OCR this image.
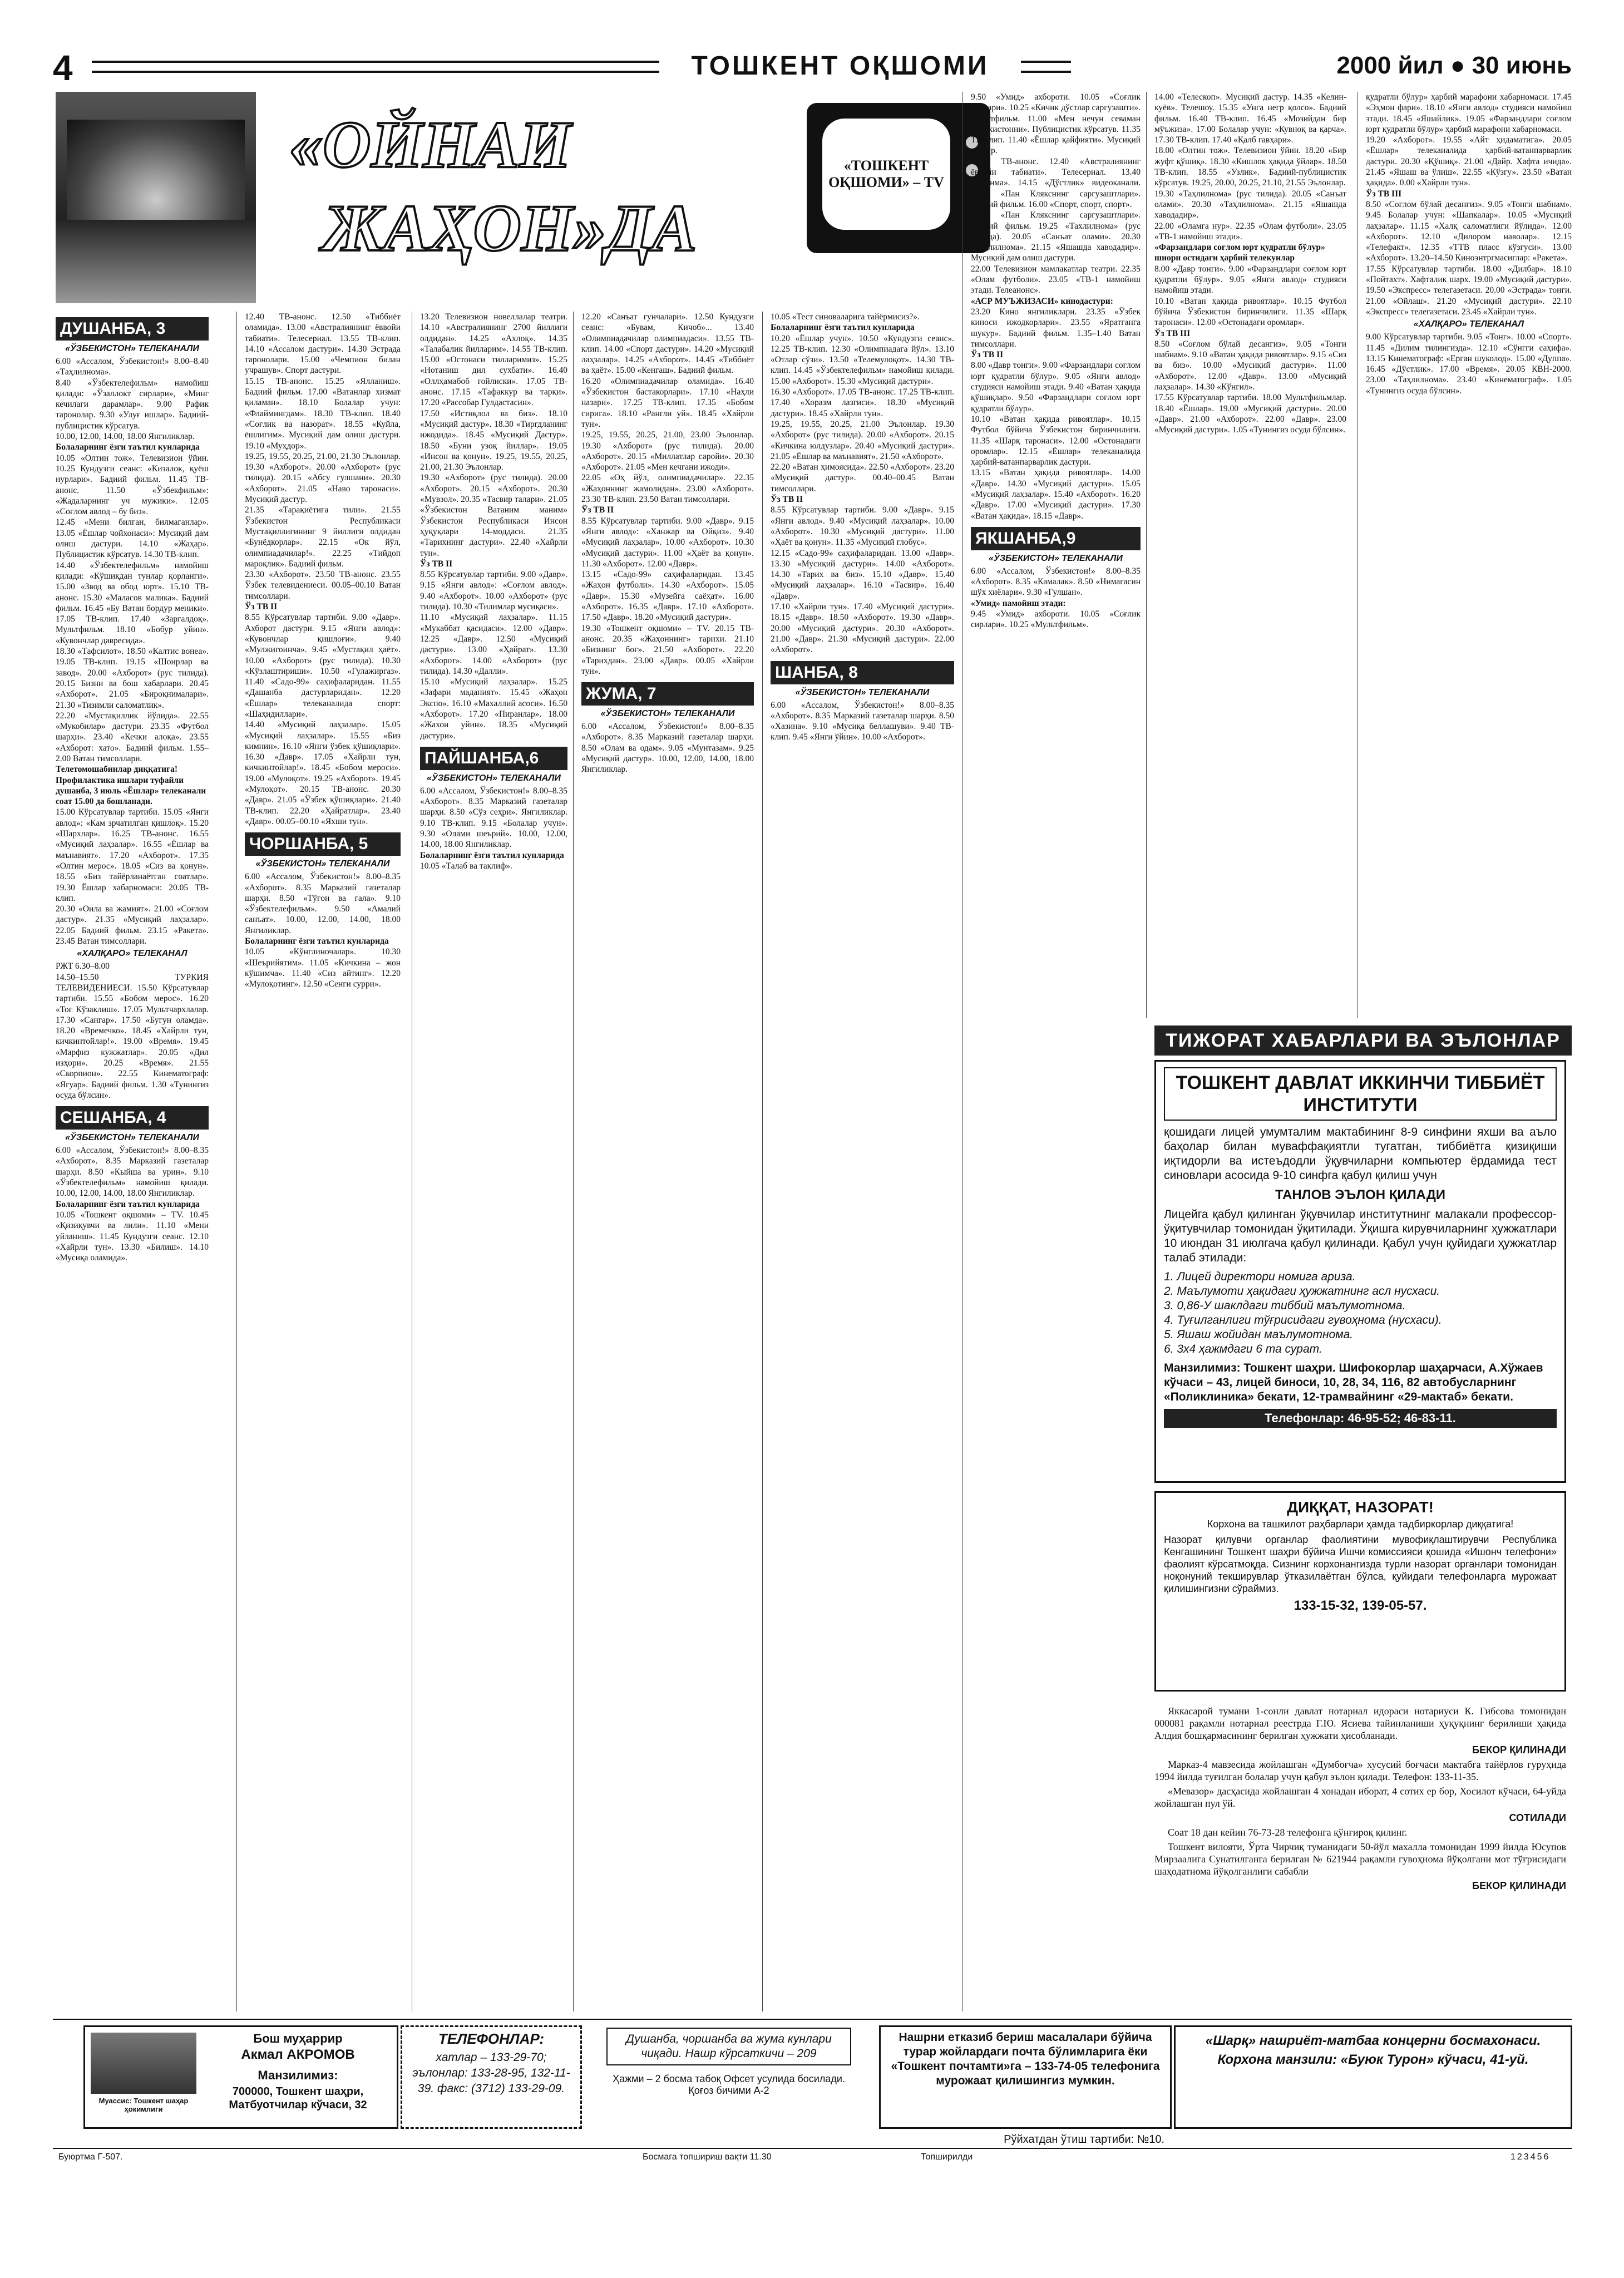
4	ТОШКЕНТ ОҚШОМИ	2000 йил ● 30 июнь
«ОЙНАИ
ЖАҲОН»ДА
«ТОШКЕНТ ОҚШОМИ» – TV
ДУШАНБА, 3
«ЎЗБЕКИСТОН» ТЕЛЕКАНАЛИ

6.00 «Ассалом, Ўзбекистон!» 8.00–8.40 «Таҳлилнома».

8.40 «Ўзбектелефильм» намойиш қилади: «Ўзаллокт сирлари», «Минг кечилаги дарамлар». 9.00 Рафик таронолар. 9.30 «Улуғ ишлар». Бадиий-публицистик кўрсатув.

10.00, 12.00, 14.00, 18.00 Янгиликлар.

Болаларнинг ёзги таътил кунларида

10.05 «Олтин тож». Телевизион ўйин. 10.25 Кундузги сеанс: «Кизалок, қуёш нурлари». Бадиий фильм. 11.45 ТВ-анонс. 11.50 «Ўзбекфильм»: «Жадаларнинг уч мужики». 12.05 «Соғлом авлод – бу биз».

12.45 «Мени билган, билмаганлар». 13.05 «Ёшлар чойхонаси»: Мусиқий дам олиш дастури. 14.10 «Жаҳар». Публицистик кўрсатув. 14.30 ТВ-клип.

14.40 «Ўзбектелефильм» намойиш қилади: «Кўшиқдан тунлар қорланги». 15.00 «Звод ва обод юрт». 15.10 ТВ-анонс. 15.30 «Маласов малика». Бадиий фильм. 16.45 «Бу Ватан бордур меники». 17.05 ТВ-клип. 17.40 «Заргалдоқ». Мультфильм. 18.10 «Бобур уйин». «Кувончлар давресида».

18.30 «Тафсилот». 18.50 «Калтис вонеа». 19.05 ТВ-клип. 19.15 «Шоирлар ва завод». 20.00 «Ахборот» (рус тилида). 20.15 Бизни ва бош хабарлари. 20.45 «Ахборот». 21.05 «Бироқнималари». 21.30 «Тизимли саломатлик».

22.20 «Мустақиллик йўлида». 22.55 «Мукобилар» дастури. 23.35 «Футбол шарҳи». 23.40 «Кечки алоқа». 23.55 «Ахборот: хато». Бадиий фильм. 1.55–2.00 Ватан тимсоллари.

Телетомошабинлар диққатига! Профилактика ишлари туфайли душанба, 3 июль «Ёшлар» телеканали соат 15.00 да бошланади.

15.00 Кўрсатувлар тартиби. 15.05 «Янги авлод»: «Кам зрчатилган қишлоқ». 15.20 «Шархлар». 16.25 ТВ-анонс. 16.55 «Мусиқий лаҳзалар». 16.55 «Ёшлар ва маънавият». 17.20 «Ахборот». 17.35 «Олтин мерос». 18.05 «Сиз ва қонун». 18.55 «Биз тайёрланаётган соатлар». 19.30 Ёшлар хабарномаси: 20.05 ТВ-клип.

20.30 «Оила ва жамият». 21.00 «Соғлом дастур». 21.35 «Мусиқий лаҳзалар». 22.05 Бадиий фильм. 23.15 «Ракета». 23.45 Ватан тимсоллари.

«ХАЛҚАРО» ТЕЛЕКАНАЛ

РЖТ 6.30–8.00

14.50–15.50 ТУРКИЯ ТЕЛЕВИДЕНИЕСИ. 15.50 Кўрсатувлар тартиби. 15.55 «Бобом мерос». 16.20 «Тоғ Кўзаклиш». 17.05 Мультчархлалар. 17.30 «Сангар». 17.50 «Бугун оламда». 18.20 «Времечко». 18.45 «Хайрли тун, кичкинтойлар!». 19.00 «Время». 19.45 «Марфиз кужжатлар». 20.05 «Дил изҳори». 20.25 «Время». 21.55 «Скорпион». 22.55 Кинематограф: «Ягуар». Бадиий фильм. 1.30 «Тунингиз осуда бўлсин».

СЕШАНБА, 4
«ЎЗБЕКИСТОН» ТЕЛЕКАНАЛИ

6.00 «Ассалом, Ўзбекистон!» 8.00–8.35 «Ахборот». 8.35 Марказий газеталар шарҳи. 8.50 «Кыйша ва урин». 9.10 «Ўзбектелефильм» намойиш қилади. 10.00, 12.00, 14.00, 18.00 Янгиликлар.

Болаларнинг ёзги таътил кунларида

10.05 «Тошкент оқшоми» – TV. 10.45 «Қизиқувчи ва лили». 11.10 «Мени уйланиш». 11.45 Кундузги сеанс. 12.10 «Хайрли тун». 13.30 «Билиш». 14.10 «Мусиқа оламида».

12.40 ТВ-анонс. 12.50 «Тиббиёт оламида». 13.00 «Австралиянинг ёввойи табиати». Телесериал. 13.55 ТВ-клип. 14.10 «Ассалом дастури». 14.30 Эстрада таронолари. 15.00 «Чемпион билан учрашув». Спорт дастури.

15.15 ТВ-анонс. 15.25 «Ялланиш». Бадиий фильм. 17.00 «Ватанлар хизмат қиламан». 18.10 Болалар учун: «Флаймингдам». 18.30 ТВ-клип. 18.40 «Соғлик ва назорат». 18.55 «Куйла, ёшлигим». Мусиқий дам олиш дастури. 19.10 «Муҳдор».

19.25, 19.55, 20.25, 21.00, 21.30 Эълонлар. 19.30 «Ахборот». 20.00 «Ахборот» (рус тилида). 20.15 «Абсу гулшани». 20.30 «Ахборот». 21.05 «Наво таронаси». Мусиқий дастур.

21.35 «Тарақиётига тили». 21.55 Ўзбекистон Республикаси Мустақиллигининг 9 йиллиги олдидан «Бунёдкорлар». 22.15 «Ок йўл, олимпиадачилар!». 22.25 «Тийдоп мароқлик». Бадиий фильм.

23.30 «Ахборот». 23.50 ТВ-анонс. 23.55 Ўзбек телевидениеси. 00.05–00.10 Ватан тимсоллари.

Ўз ТВ II

8.55 Кўрсатувлар тартиби. 9.00 «Давр». Ахборот дастури. 9.15 «Янги авлод»: «Кувончлар қишлоғи». 9.40 «Мулжигоинча». 9.45 «Мустақил ҳаёт». 10.00 «Ахборот» (рус тилида). 10.30 «Кўзлаштириши». 10.50 «Гулажиргаз». 11.40 «Садо-99» саҳифаларидан. 11.55 «Дашанба дастурларидан». 12.20 «Ёшлар» телеканалида спорт: «Шаҳидиллари».

14.40 «Мусиқий лаҳзалар». 15.05 «Мусиқий лаҳзалар». 15.55 «Биз кимнин». 16.10 «Янги ўзбек қўшиқлари». 16.30 «Давр». 17.05 «Хайрли тун, кичкинтойлар!». 18.45 «Бобом мероси». 19.00 «Мулоқот». 19.25 «Ахборот». 19.45 «Мулоқот». 20.15 ТВ-анонс. 20.30 «Давр». 21.05 «Ўзбек қўшиқлари». 21.40 ТВ-клип. 22.20 «Ҳайратлар». 23.40 «Давр». 00.05–00.10 «Яхши тун».

ЧОРШАНБА, 5
«ЎЗБЕКИСТОН» ТЕЛЕКАНАЛИ

6.00 «Ассалом, Ўзбекистон!» 8.00–8.35 «Ахборот». 8.35 Марказий газеталар шарҳи. 8.50 «Тўғон ва гала». 9.10 «Ўзбектелефильм». 9.50 «Амалий санъат». 10.00, 12.00, 14.00, 18.00 Янгиликлар.

Болаларнинг ёзги таътил кунларида

10.05 «Кўнглиночалар». 10.30 «Шеърийятим». 11.05 «Кичкина – жон кўшимча». 11.40 «Сиз айтинг». 12.20 «Мулоқотинг». 12.50 «Сенги сурри».

13.20 Телевизион новеллалар театри. 14.10 «Австралиянинг 2700 йиллиги олдидан». 14.25 «Ахлоқ». 14.35 «Талабалик йилларим». 14.55 ТВ-клип. 15.00 «Остонаси тилларимиз». 15.25 «Нотаниш дил сухбати». 16.40 «Оллҳамабоб гойлиски». 17.05 ТВ-анонс. 17.15 «Тафаккур ва тарқи». 17.20 «Рассобар Гулдастасин».

17.50 «Истиқлол ва биз». 18.10 «Мусиқий дастур». 18.30 «Тиргдланинг ижодида». 18.45 «Мусиқий Дастур». 18.50 «Буни узоқ йиллар». 19.05 «Инсон ва қонун». 19.25, 19.55, 20.25, 21.00, 21.30 Эълонлар.

19.30 «Ахборот» (рус тилида). 20.00 «Ахборот». 20.15 «Ахборот». 20.30 «Мувзол». 20.35 «Тасвир талари». 21.05 «Ўзбекистон Ватаним маним» Ўзбекистон Республикаси Инсон ҳуқуқлари 14-моддаси. 21.35 «Тарихнинг дастури». 22.40 «Хайрли тун».

Ўз ТВ II

8.55 Кўрсатувлар тартиби. 9.00 «Давр». 9.15 «Янги авлод»: «Соғлом авлод». 9.40 «Ахборот». 10.00 «Ахборот» (рус тилида). 10.30 «Тилимлар мусиқаси».

11.10 «Мусиқий лаҳзалар». 11.15 «Мукаббат қасидаси». 12.00 «Давр». 12.25 «Давр». 12.50 «Мусиқий дастури». 13.00 «Ҳайрат». 13.30 «Ахборот». 14.00 «Ахборот» (рус тилида). 14.30 «Далли».

15.10 «Мусиқий лаҳзалар». 15.25 «Зафари маданият». 15.45 «Жаҳон Экспо». 16.10 «Махаллий асоси». 16.50 «Ахборот». 17.20 «Пиранлар». 18.00 «Жахон уйин». 18.35 «Мусиқий дастури».

ПАЙШАНБА,6
«ЎЗБЕКИСТОН» ТЕЛЕКАНАЛИ

6.00 «Ассалом, Ўзбекистон!» 8.00–8.35 «Ахборот». 8.35 Марказий газеталар шарҳи. 8.50 «Сўз сеҳри». Янгиликлар. 9.10 ТВ-клип. 9.15 «Болалар учун». 9.30 «Олами шеърий». 10.00, 12.00, 14.00, 18.00 Янгиликлар.

Болаларнинг ёзги таътил кунларида

10.05 «Талаб ва таклиф».

12.20 «Санъат гунчалари». 12.50 Кундузги сеанс: «Бувам, Кичоб»... 13.40 «Олимпиадачилар олимпиадаси». 13.55 ТВ-клип. 14.00 «Спорт дастури». 14.20 «Мусиқий лаҳзалар». 14.25 «Ахборот». 14.45 «Тиббиёт ва ҳаёт». 15.00 «Кенгаш». Бадиий фильм.

16.20 «Олимпиадачилар оламида». 16.40 «Ўзбекистон бастакорлари». 17.10 «Наҳли назари». 17.25 ТВ-клип. 17.35 «Бобом сирига». 18.10 «Рангли уй». 18.45 «Хайрли тун».

19.25, 19.55, 20.25, 21.00, 23.00 Эълонлар. 19.30 «Ахборот» (рус тилида). 20.00 «Ахборот». 20.15 «Миллатлар саройи». 20.30 «Ахборот». 21.05 «Мен кечгани ижоди».

22.05 «Оҳ йўл, олимпиадачилар». 22.35 «Жаҳоннинг жамолидан». 23.00 «Ахборот». 23.30 ТВ-клип. 23.50 Ватан тимсоллари.

Ўз ТВ II

8.55 Кўрсатувлар тартиби. 9.00 «Давр». 9.15 «Янги авлод»: «Ханжар ва Ойқиз». 9.40 «Мусиқий лаҳзалар». 10.00 «Ахборот». 10.30 «Мусиқий дастури». 11.00 «Ҳаёт ва қонун». 11.30 «Ахборот». 12.00 «Давр».

13.15 «Садо-99» саҳифаларидан. 13.45 «Жаҳон футболи». 14.30 «Ахборот». 15.05 «Давр». 15.30 «Музейга саёҳат». 16.00 «Ахборот». 16.35 «Давр». 17.10 «Ахборот». 17.50 «Давр». 18.20 «Мусиқий дастури».

19.30 «Тошкент оқшоми» – TV. 20.15 ТВ-анонс. 20.35 «Жаҳоннинг» тарихи. 21.10 «Бизнинг боғ». 21.50 «Ахборот». 22.20 «Тарихдан». 23.00 «Давр». 00.05 «Хайрли тун».

ЖУМА, 7
«ЎЗБЕКИСТОН» ТЕЛЕКАНАЛИ

6.00 «Ассалом, Ўзбекистон!» 8.00–8.35 «Ахборот». 8.35 Марказий газеталар шарҳи. 8.50 «Олам ва одам». 9.05 «Мунтазам». 9.25 «Мусиқий дастур». 10.00, 12.00, 14.00, 18.00 Янгиликлар.

10.05 «Тест синоваларига тайёрмисиз?».

Болаларнинг ёзги таътил кунларида

10.20 «Ёшлар учун». 10.50 «Кундузги сеанс». 12.25 ТВ-клип. 12.30 «Олимпиадага йўл». 13.10 «Отлар сўзи». 13.50 «Телемулоқот». 14.30 ТВ-клип. 14.45 «Ўзбектелефильм» намойиш қилади. 15.00 «Ахборот». 15.30 «Мусиқий дастури».

16.30 «Ахборот». 17.05 ТВ-анонс. 17.25 ТВ-клип. 17.40 «Хоразм лазгиси». 18.30 «Мусиқий дастури». 18.45 «Хайрли тун».

19.25, 19.55, 20.25, 21.00 Эълонлар. 19.30 «Ахборот» (рус тилида). 20.00 «Ахборот». 20.15 «Кичкина юлдузлар». 20.40 «Мусиқий дастури». 21.05 «Ёшлар ва маънавият». 21.50 «Ахборот».

22.20 «Ватан ҳимоясида». 22.50 «Ахборот». 23.20 «Мусиқий дастур». 00.40–00.45 Ватан тимсоллари.

Ўз ТВ II

8.55 Кўрсатувлар тартиби. 9.00 «Давр». 9.15 «Янги авлод». 9.40 «Мусиқий лаҳзалар». 10.00 «Ахборот». 10.30 «Мусиқий дастури». 11.00 «Ҳаёт ва қонун». 11.35 «Мусиқий глобус».

12.15 «Садо-99» саҳифаларидан. 13.00 «Давр». 13.30 «Мусиқий дастури». 14.00 «Ахборот». 14.30 «Тарих ва биз». 15.10 «Давр». 15.40 «Мусиқий лаҳзалар». 16.10 «Тасвир». 16.40 «Давр».

17.10 «Хайрли тун». 17.40 «Мусиқий дастури». 18.15 «Давр». 18.50 «Ахборот». 19.30 «Давр». 20.00 «Мусиқий дастури». 20.30 «Ахборот». 21.00 «Давр». 21.30 «Мусиқий дастури». 22.00 «Ахборот».

ШАНБА, 8
«ЎЗБЕКИСТОН» ТЕЛЕКАНАЛИ

6.00 «Ассалом, Ўзбекистон!» 8.00–8.35 «Ахборот». 8.35 Марказий газеталар шарҳи. 8.50 «Хазина». 9.10 «Мусиқа беллашуви». 9.40 ТВ-клип. 9.45 «Янги ўйин». 10.00 «Ахборот».

9.50 «Умид» ахбороти. 10.05 «Соғлик сирлари». 10.25 «Кичик дўстлар саргузашти». Мультфильм. 11.00 «Мен нечун севаман Ўзбекистонни». Публицистик кўрсатув. 11.35 ТВ-клип. 11.40 «Ёшлар қайфияти». Мусиқий дастур.

12.20 ТВ-анонс. 12.40 «Австралиянинг ёввойи табиати». Телесериал. 13.40 «Қўйнма». 14.15 «Дўстлик» видеоканали. 14.35 «Пан Клякснинг саргузаштлари». Бадиий фильм. 16.00 «Спорт, спорт, спорт».

18.05 «Пан Клякснинг саргузаштлари». Бадиий фильм. 19.25 «Тахлилнома» (рус тилида). 20.05 «Санъат олами». 20.30 «Таҳлилнома». 21.15 «Яшашда хаводадир». Мусиқий дам олиш дастури.

22.00 Телевизион мамлакатлар театри. 22.35 «Олам футболи». 23.05 «ТВ-1 намойиш этади. Телеанонс».

«АСР МУЪЖИЗАСИ» кинодастури:

23.20 Кино янгиликлари. 23.35 «Ўзбек киноси ижодкорлари». 23.55 «Яратганга шукур». Бадиий фильм. 1.35–1.40 Ватан тимсоллари.

Ўз ТВ II

8.00 «Давр тонги». 9.00 «Фарзандлари соғлом юрт қудратли бўлур». 9.05 «Янги авлод» студияси намойиш этади. 9.40 «Ватан ҳақида қўшиқлар». 9.50 «Фарзандлари соғлом юрт қудратли бўлур».

10.10 «Ватан ҳақида ривоятлар». 10.15 Футбол бўйича Ўзбекистон биринчилиги. 11.35 «Шарқ таронаси». 12.00 «Остонадаги оромлар». 12.15 «Ёшлар» телеканалида ҳарбий-ватанпарварлик дастури.

13.15 «Ватан ҳақида ривоятлар». 14.00 «Давр». 14.30 «Мусиқий дастури». 15.05 «Мусиқий лаҳзалар». 15.40 «Ахборот». 16.20 «Давр». 17.00 «Мусиқий дастури». 17.30 «Ватан ҳақида». 18.15 «Давр».

ЯКШАНБА,9
«ЎЗБЕКИСТОН» ТЕЛЕКАНАЛИ

6.00 «Ассалом, Ўзбекистон!» 8.00–8.35 «Ахборот». 8.35 «Камалак». 8.50 «Нимагасин шўх хиёлари». 9.30 «Гулшан».

«Умид» намойиш этади:

9.45 «Умид» ахбороти. 10.05 «Соғлик сирлари». 10.25 «Мультфильм».

14.00 «Телескоп». Мусиқий дастур. 14.35 «Келин-куёв». Телешоу. 15.35 «Унга негр қолсо». Бадиий фильм. 16.40 ТВ-клип. 16.45 «Мозийдан бир мўъжиза». 17.00 Болалар учун: «Кувноқ ва қарча». 17.30 ТВ-клип. 17.40 «Қалб гавҳари».

18.00 «Олтин тож». Телевизион ўйин. 18.20 «Бир жуфт қўшиқ». 18.30 «Кишлок ҳақида ўйлар». 18.50 ТВ-клип. 18.55 «Узлик». Бадиий-публицистик кўрсатув. 19.25, 20.00, 20.25, 21.10, 21.55 Эълонлар.

19.30 «Таҳлилнома» (рус тилида). 20.05 «Санъат олами». 20.30 «Таҳлилнома». 21.15 «Яшашда хаводадир».

22.00 «Оламга нур». 22.35 «Олам футболи». 23.05 «ТВ-1 намойиш этади».

«Фарзандлари соғлом юрт қудратли бўлур» шиори остидаги ҳарбий телекунлар

8.00 «Давр тонги». 9.00 «Фарзандлари соғлом юрт қудратли бўлур». 9.05 «Янги авлод» студияси намойиш этади.

10.10 «Ватан ҳақида ривоятлар». 10.15 Футбол бўйича Ўзбекистон биринчилиги. 11.35 «Шарқ таронаси». 12.00 «Остонадаги оромлар».

Ўз ТВ III

8.50 «Соғлом бўлай десангиз». 9.05 «Тонги шабнам». 9.10 «Ватан ҳақида ривоятлар». 9.15 «Сиз ва биз». 10.00 «Мусиқий дастури». 11.00 «Ахборот». 12.00 «Давр». 13.00 «Мусиқий лаҳзалар». 14.30 «Кўнгил».

17.55 Кўрсатувлар тартиби. 18.00 Мультфильмлар. 18.40 «Ёшлар». 19.00 «Мусиқий дастури». 20.00 «Давр». 21.00 «Ахборот». 22.00 «Давр». 23.00 «Мусиқий дастури». 1.05 «Тунингиз осуда бўлсин».

қудратли бўлур» ҳарбий марафони хабарномаси. 17.45 «Эҳмон фари». 18.10 «Янги авлод» студияси намойиш этади. 18.45 «Яшайлик». 19.05 «Фарзандлари соғлом юрт қудратли бўлур» ҳарбий марафони хабарномаси.

19.20 «Ахборот». 19.55 «Айт ҳидаматига». 20.05 «Ёшлар» телеканалида ҳарбий-ватанпарварлик дастури. 20.30 «Қўшиқ». 21.00 «Дайр. Хафта ичида». 21.45 «Яшаш ва ўлиш». 22.55 «Кўзгу». 23.50 «Ватан ҳақида». 0.00 «Хайрли тун».

Ўз ТВ III

8.50 «Соғлом бўлай десангиз». 9.05 «Тонги шабнам». 9.45 Болалар учун: «Шапкалар». 10.05 «Мусиқий лаҳзалар». 11.15 «Халқ саломатлиги йўлида». 12.00 «Ахборот». 12.10 «Дилором наволар». 12.15 «Телефакт». 12.35 «ТТВ пласс кўзгуси». 13.00 «Ахборот». 13.20–14.50 Киноэнтргмасиглар: «Ракета».

17.55 Кўрсатувлар тартиби. 18.00 «Дилбар». 18.10 «Пойтахт». Хафталик шарх. 19.00 «Мусиқий дастури». 19.50 «Экспресс» телегазетаси. 20.00 «Эстрада» тонги. 21.00 «Ойлаш». 21.20 «Мусиқий дастури». 22.10 «Экспресс» телегазетаси. 23.45 «Хайрли тун».

«ХАЛҚАРО» ТЕЛЕКАНАЛ

9.00 Кўрсатувлар тартиби. 9.05 «Тонг». 10.00 «Спорт». 11.45 «Дилим тилингизда». 12.10 «Сўнгги саҳифа». 13.15 Кинематограф: «Ерган шуколод». 15.00 «Дуппа». 16.45 «Дўстлик». 17.00 «Время». 20.05 КВН-2000. 23.00 «Таҳлилнома». 23.40 «Кинематограф». 1.05 «Тунингиз осуда бўлсин».

ТИЖОРАТ ХАБАРЛАРИ ВА ЭЪЛОНЛАР
ТОШКЕНТ ДАВЛАТ ИККИНЧИ ТИББИЁТ ИНСТИТУТИ

қошидаги лицей умумталим мактабининг 8-9 синфини яхши ва аъло баҳолар билан муваффақиятли тугатган, тиббиётга қизиқиши иқтидорли ва истеъдодли ўқувчиларни компьютер ёрдамида тест синовлари асосида 9-10 синфга қабул қилиш учун

ТАНЛОВ ЭЪЛОН ҚИЛАДИ

Лицейга қабул қилинган ўқувчилар институтнинг малакали профессор-ўқитувчилар томонидан ўқитилади. Ўқишга кирувчиларнинг ҳужжатлари 10 июндан 31 июлгача қабул қилинади. Қабул учун қуйидаги ҳужжатлар талаб этилади:

1. Лицей директори номига ариза.
2. Маълумоти ҳақидаги ҳужжатнинг асл нусхаси.
3. 0,86-У шаклдаги тиббий маълумотнома.
4. Туғилганлиги тўғрисидаги гувоҳнома (нусхаси).
5. Яшаш жойидан маълумотнома.
6. 3x4 ҳажмдаги 6 та сурат.

Манзилимиз: Тошкент шаҳри. Шифокорлар шаҳарчаси, А.Хўжаев кўчаси – 43, лицей биноси, 10, 28, 34, 116, 82 автобусларнинг «Поликлиника» бекати, 12-трамвайнинг «29-мактаб» бекати.

Телефонлар: 46-95-52; 46-83-11.
ДИҚҚАТ, НАЗОРАТ!
Корхона ва ташкилот раҳбарлари ҳамда тадбиркорлар диққатига!

Назорат қилувчи органлар фаолиятини мувофиқлаштирувчи Республика Кенгашининг Тошкент шаҳри бўйича Ишчи комиссияси қошида «Ишонч телефони» фаолият кўрсатмоқда. Сизнинг корхонангизда турли назорат органлари томонидан ноқонуний текширувлар ўтказилаётган бўлса, қуйидаги телефонларга мурожаат қилишингизни сўраймиз.

133-15-32, 139-05-57.
Яккасарой тумани 1-сонли давлат нотариал идораси нотариуси К. Гибсова томонидан 000081 рақамли нотариал реестрда Г.Ю. Ясиева тайинланиши ҳуқуқнинг берилиши ҳақида Алдия бошқармасининг берилган ҳужжати ҳисобланади.
БЕКОР ҚИЛИНАДИ
Марказ-4 мавзесида жойлашган «Думбоғча» хусусий боғчаси мактабга тайёрлов гуруҳида 1994 йилда туғилган болалар учун қабул эълон қилади. Телефон: 133-11-35.
«Мевазор» дасҳасида жойлашган 4 хонадан иборат, 4 сотих ер бор, Хосилот кўчаси, 64-уйда жойлашган пул ўй.
СОТИЛАДИ
Соат 18 дан кейин 76-73-28 телефонга қўнғироқ қилинг.
Тошкент вилояти, Ўрта Чирчиқ туманидаги 50-йўл махалла томонидан 1999 йилда Юсупов Мирзаалига Сунатилганга берилган № 621944 рақамли гувоҳнома йўқолгани мот тўғрисидаги шаҳодатнома йўқолганлиги сабабли
БЕКОР ҚИЛИНАДИ
Муассис: Тошкент шаҳар ҳокимлиги
Бош муҳаррир
Акмал АКРОМОВ
Манзилимиз:
700000, Тошкент шаҳри, Матбуотчилар кўчаси, 32
ТЕЛЕФОНЛАР:
хатлар – 133-29-70; эълонлар: 133-28-95, 132-11-39. факс: (3712) 133-29-09.
Душанба, чоршанба ва жума кунлари чиқади. Нашр кўрсаткичи – 209
Ҳажми – 2 босма табоқ Офсет усулида босилади.
Қоғоз бичими А-2
Нашрни етказиб бериш масалалари бўйича турар жойлардаги почта бўлимларига ёки «Тошкент почтамти»га – 133-74-05 телефонига мурожаат қилишингиз мумкин.
Рўйхатдан ўтиш тартиби: №10.
«Шарқ» нашриёт-матбаа концерни босмахонаси.
Корхона манзили: «Буюк Турон» кўчаси, 41-уй.
Буюртма Г-507.	Босмага топшириш вақти 11.30	Топширилди	123456
